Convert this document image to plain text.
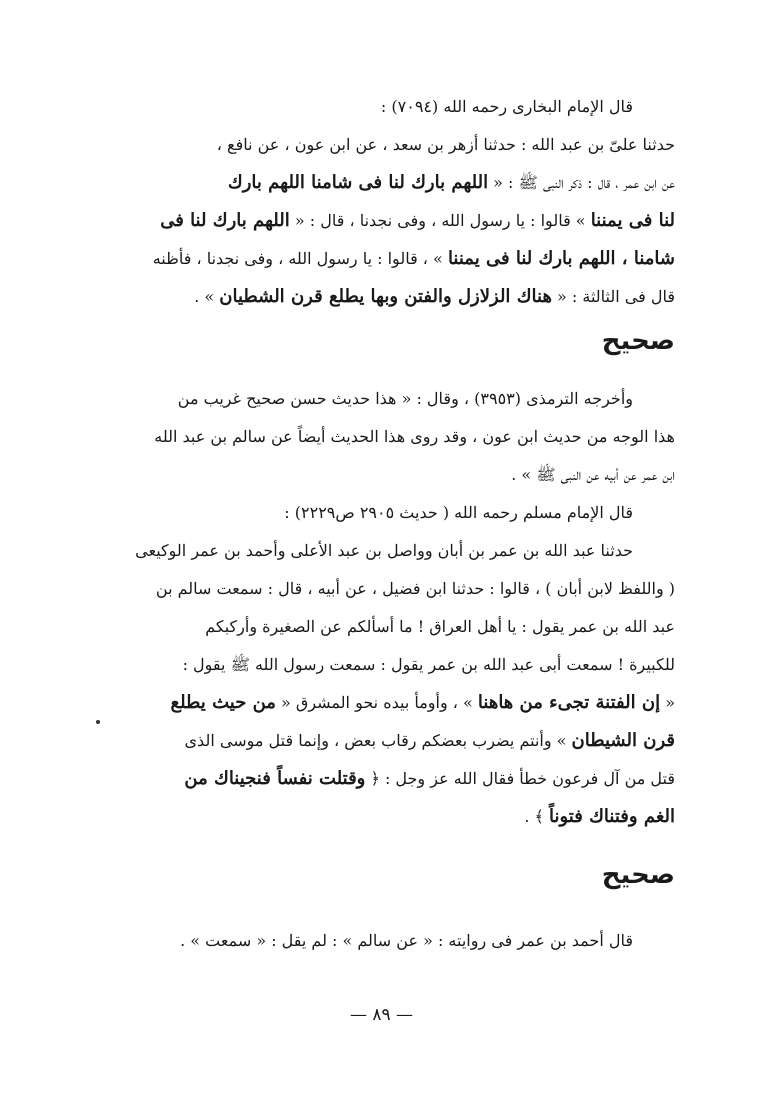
قال الإمام البخارى رحمه الله (٧٠٩٤) :
حدثنا علىّ بن عبد الله : حدثنا أزهر بن سعد ، عن ابن عون ، عن نافع ،
عن ابن عمر ، قال : ذكر النبى ﷺ : « اللهم بارك لنا فى شامنا اللهم بارك
لنا فى يمننا » قالوا : يا رسول الله ، وفى نجدنا ، قال : « اللهم بارك لنا فى
شامنا ، اللهم بارك لنا فى يمننا » ، قالوا : يا رسول الله ، وفى نجدنا ، فأظنه
قال فى الثالثة : « هناك الزلازل والفتن وبها يطلع قرن الشطيان » .
صحيح
وأخرجه الترمذى (٣٩٥٣) ، وقال : « هذا حديث حسن صحيح غريب من
هذا الوجه من حديث ابن عون ، وقد روى هذا الحديث أيضاً عن سالم بن عبد الله
ابن عمر عن أبيه عن النبى ﷺ » .
قال الإمام مسلم رحمه الله ( حديث ٢٩٠٥ ص٢٢٢٩) :
حدثنا عبد الله بن عمر بن أبان وواصل بن عبد الأعلى وأحمد بن عمر الوكيعى
( واللفظ لابن أبان ) ، قالوا : حدثنا ابن فضيل ، عن أبيه ، قال : سمعت سالم بن
عبد الله بن عمر يقول : يا أهل العراق ! ما أسألكم عن الصغيرة وأركبكم
للكبيرة ! سمعت أبى عبد الله بن عمر يقول : سمعت رسول الله ﷺ يقول :
« إن الفتنة تجىء من هاهنا » ، وأومأ بيده نحو المشرق « من حيث يطلع
قرن الشيطان » وأنتم يضرب بعضكم رقاب بعض ، وإنما قتل موسى الذى
قتل من آل فرعون خطأ فقال الله عز وجل : ﴿ وقتلت نفساً فنجيناك من
الغم وفتناك فتوناً ﴾ .
صحيح
قال أحمد بن عمر فى روايته : « عن سالم » : لم يقل : « سمعت » .
— ٨٩ —
